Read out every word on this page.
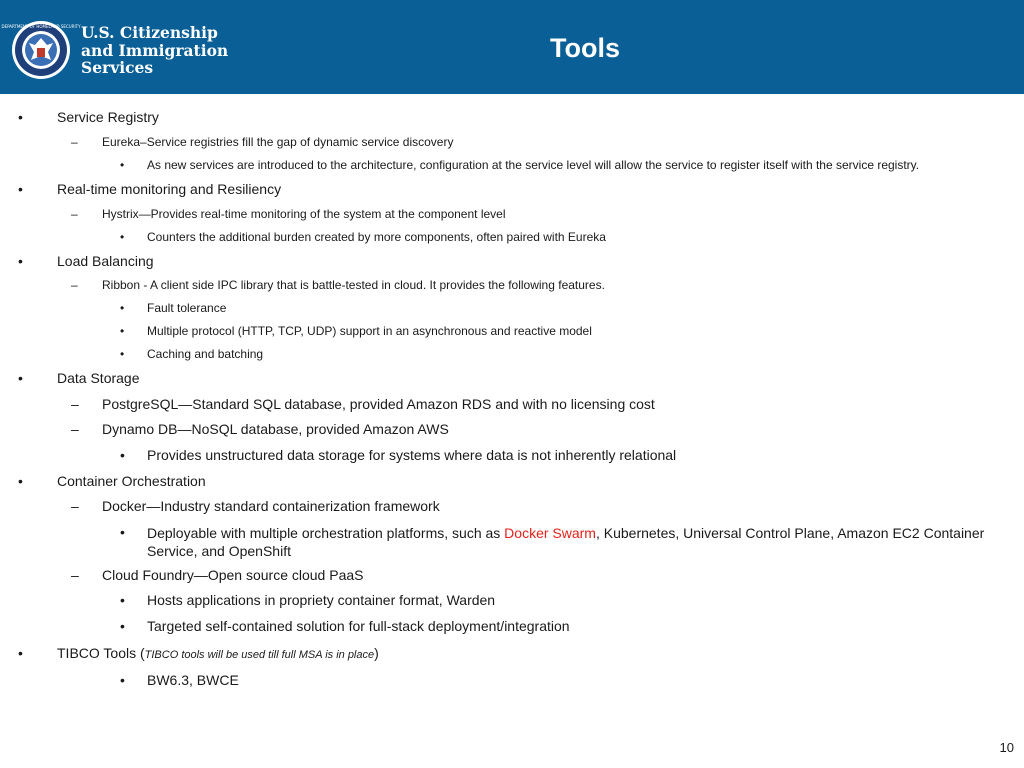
DEPARTMENT OF HOMELAND SECURITY U.S. Citizenship
and Immigration
Services
Tools
• Service Registry
– Eureka–Service registries fill the gap of dynamic service discovery
• As new services are introduced to the architecture, configuration at the service level will allow the service to register itself with the service registry.
• Real-time monitoring and Resiliency
– Hystrix—Provides real-time monitoring of the system at the component level
• Counters the additional burden created by more components, often paired with Eureka
• Load Balancing
– Ribbon - A client side IPC library that is battle-tested in cloud. It provides the following features.
• Fault tolerance
• Multiple protocol (HTTP, TCP, UDP) support in an asynchronous and reactive model
• Caching and batching
• Data Storage
– PostgreSQL—Standard SQL database, provided Amazon RDS and with no licensing cost
– Dynamo DB—NoSQL database, provided Amazon AWS
• Provides unstructured data storage for systems where data is not inherently relational
• Container Orchestration
– Docker—Industry standard containerization framework
• Deployable with multiple orchestration platforms, such as Docker Swarm, Kubernetes, Universal Control Plane, Amazon EC2 Container Service, and OpenShift
– Cloud Foundry—Open source cloud PaaS
• Hosts applications in propriety container format, Warden
• Targeted self-contained solution for full-stack deployment/integration
• TIBCO Tools (TIBCO tools will be used till full MSA is in place)
• BW6.3, BWCE
10
